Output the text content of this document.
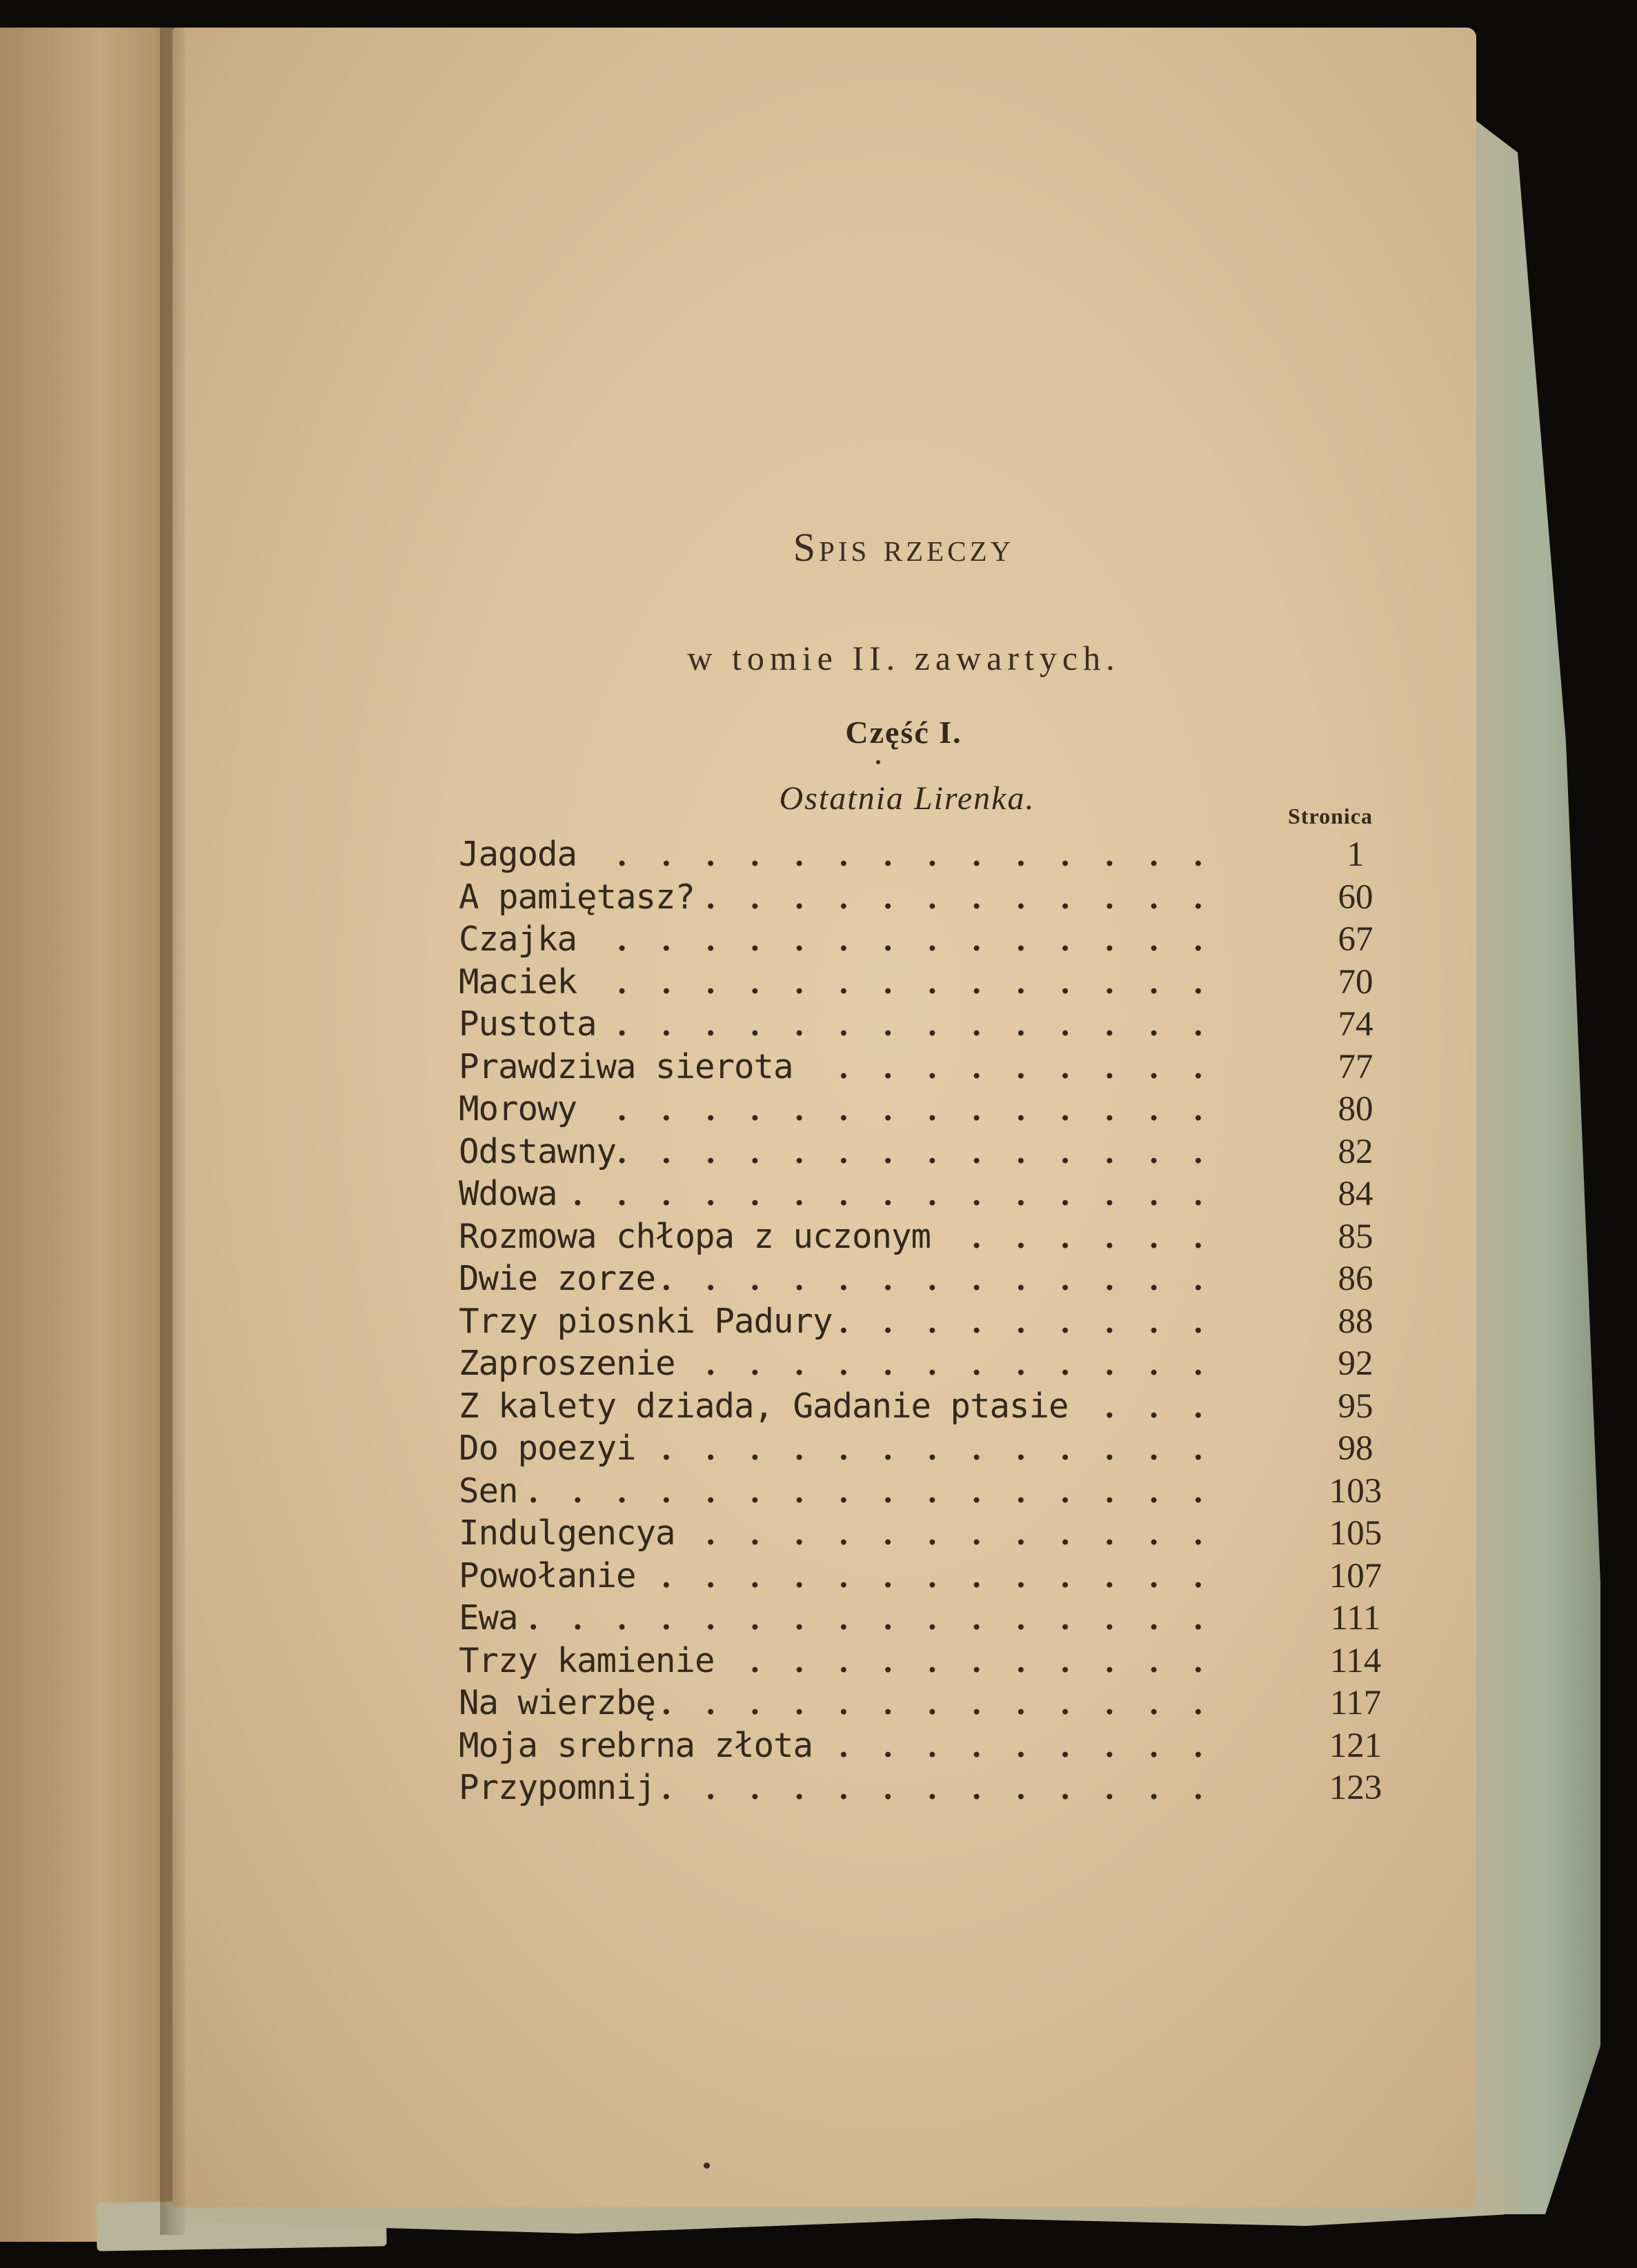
Spis rzeczy
w tomie II. zawartych.
Część I.
Ostatnia Lirenka.	Stronica
Jagoda ..............	1
A pamiętasz? ............	60
Czajka ..............	67
Maciek ..............	70
Pustota ..............	74
Prawdziwa sierota .........	77
Morowy ..............	80
Odstawny ..............	82
Wdowa ...............	84
Rozmowa chłopa z uczonym ......	85
Dwie zorze .............	86
Trzy piosnki Padury .........	88
Zaproszenie ............	92
Z kalety dziada, Gadanie ptasie ...	95
Do poezyi .............	98
Sen ................	103
Indulgencya ............	105
Powołanie .............	107
Ewa ................	111
Trzy kamienie ...........	114
Na wierzbę .............	117
Moja srebrna złota .........	121
Przypomnij .............	123
